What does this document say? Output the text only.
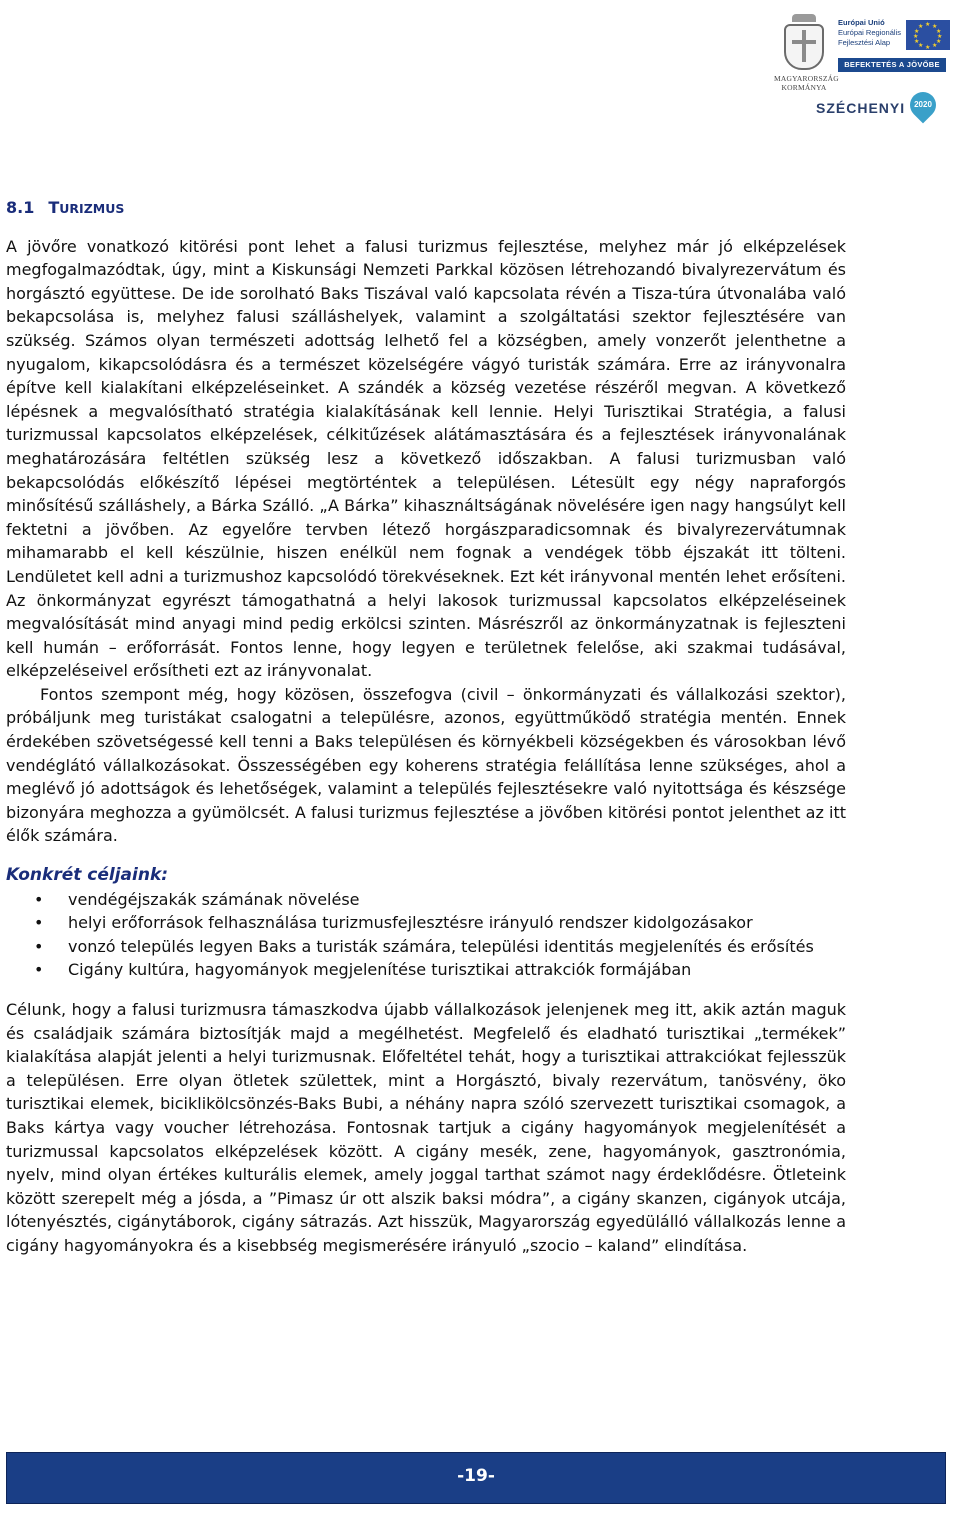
MAGYARORSZÁG
KORMÁNYA
Európai Unió
Európai Regionális
Fejlesztési Alap
★ ★
★
★
★
★
★
★
★
★
★
★
BEFEKTETÉS A JÖVŐBE
SZÉCHENYI	2020
8.1 TURIZMUS

A jövőre vonatkozó kitörési pont lehet a falusi turizmus fejlesztése, melyhez már jó elképzelések megfogalmazódtak, úgy, mint a Kiskunsági Nemzeti Parkkal közösen létrehozandó bivalyrezervátum és horgásztó együttese. De ide sorolható Baks Tiszával való kapcsolata révén a Tisza-túra útvonalába való bekapcsolása is, melyhez falusi szálláshelyek, valamint a szolgáltatási szektor fejlesztésére van szükség. Számos olyan természeti adottság lelhető fel a községben, amely vonzerőt jelenthetne a nyugalom, kikapcsolódásra és a természet közelségére vágyó turisták számára. Erre az irányvonalra építve kell kialakítani elképzeléseinket. A szándék a község vezetése részéről megvan. A következő lépésnek a megvalósítható stratégia kialakításának kell lennie. Helyi Turisztikai Stratégia, a falusi turizmussal kapcsolatos elképzelések, célkitűzések alátámasztására és a fejlesztések irányvonalának meghatározására feltétlen szükség lesz a következő időszakban. A falusi turizmusban való bekapcsolódás előkészítő lépései megtörténtek a településen. Létesült egy négy napraforgós minősítésű szálláshely, a Bárka Szálló. „A Bárka” kihasználtságának növelésére igen nagy hangsúlyt kell fektetni a jövőben. Az egyelőre tervben létező horgászparadicsomnak és bivalyrezervátumnak mihamarabb el kell készülnie, hiszen enélkül nem fognak a vendégek több éjszakát itt tölteni. Lendületet kell adni a turizmushoz kapcsolódó törekvéseknek. Ezt két irányvonal mentén lehet erősíteni. Az önkormányzat egyrészt támogathatná a helyi lakosok turizmussal kapcsolatos elképzeléseinek megvalósítását mind anyagi mind pedig erkölcsi szinten. Másrészről az önkormányzatnak is fejleszteni kell humán – erőforrását. Fontos lenne, hogy legyen e területnek felelőse, aki szakmai tudásával, elképzeléseivel erősítheti ezt az irányvonalat.

Fontos szempont még, hogy közösen, összefogva (civil – önkormányzati és vállalkozási szektor), próbáljunk meg turistákat csalogatni a településre, azonos, együttműködő stratégia mentén. Ennek érdekében szövetségessé kell tenni a Baks településen és környékbeli községekben és városokban lévő vendéglátó vállalkozásokat. Összességében egy koherens stratégia felállítása lenne szükséges, ahol a meglévő jó adottságok és lehetőségek, valamint a település fejlesztésekre való nyitottsága és készsége bizonyára meghozza a gyümölcsét. A falusi turizmus fejlesztése a jövőben kitörési pontot jelenthet az itt élők számára.

Konkrét céljaink:
• vendégéjszakák számának növelése
• helyi erőforrások felhasználása turizmusfejlesztésre irányuló rendszer kidolgozásakor
• vonzó település legyen Baks a turisták számára, települési identitás megjelenítés és erősítés
• Cigány kultúra, hagyományok megjelenítése turisztikai attrakciók formájában

Célunk, hogy a falusi turizmusra támaszkodva újabb vállalkozások jelenjenek meg itt, akik aztán maguk és családjaik számára biztosítják majd a megélhetést. Megfelelő és eladható turisztikai „termékek” kialakítása alapját jelenti a helyi turizmusnak. Előfeltétel tehát, hogy a turisztikai attrakciókat fejlesszük a településen. Erre olyan ötletek születtek, mint a Horgásztó, bivaly rezervátum, tanösvény, öko turisztikai elemek, biciklikölcsönzés-Baks Bubi, a néhány napra szóló szervezett turisztikai csomagok, a Baks kártya vagy voucher létrehozása. Fontosnak tartjuk a cigány hagyományok megjelenítését a turizmussal kapcsolatos elképzelések között. A cigány mesék, zene, hagyományok, gasztronómia, nyelv, mind olyan értékes kulturális elemek, amely joggal tarthat számot nagy érdeklődésre. Ötleteink között szerepelt még a jósda, a ”Pimasz úr ott alszik baksi módra”, a cigány skanzen, cigányok utcája, lótenyésztés, cigánytáborok, cigány sátrazás. Azt hisszük, Magyarország egyedülálló vállalkozás lenne a cigány hagyományokra és a kisebbség megismerésére irányuló „szocio – kaland” elindítása.

-19-
